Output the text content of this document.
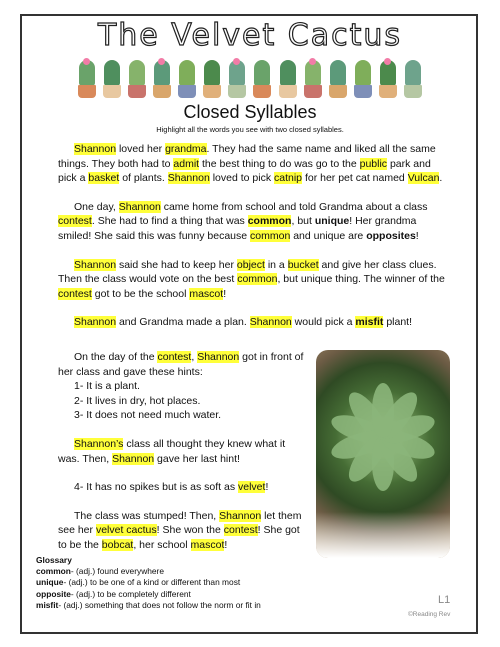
The Velvet Cactus
Closed Syllables
Highlight all the words you see with two closed syllables.

Shannon loved her grandma. They had the same name and liked all the same things. They both had to admit the best thing to do was go to the public park and pick a basket of plants. Shannon loved to pick catnip for her pet cat named Vulcan.

One day, Shannon came home from school and told Grandma about a class contest. She had to find a thing that was common, but unique! Her grandma smiled! She said this was funny because common and unique are opposites!

Shannon said she had to keep her object in a bucket and give her class clues. Then the class would vote on the best common, but unique thing. The winner of the contest got to be the school mascot!

Shannon and Grandma made a plan. Shannon would pick a misfit plant!

On the day of the contest, Shannon got in front of her class and gave these hints:

1- It is a plant.
2- It lives in dry, hot places.
3- It does not need much water.

Shannon’s class all thought they knew what it was. Then, Shannon gave her last hint!

4- It has no spikes but is as soft as velvet!

The class was stumped! Then, Shannon let them see her velvet cactus! She won the contest! She got to be the bobcat, her school mascot!

Glossary
common- (adj.) found everywhere
unique- (adj.) to be one of a kind or different than most
opposite- (adj.) to be completely different
misfit- (adj.) something that does not follow the norm or fit in	L1
©Reading Rev
